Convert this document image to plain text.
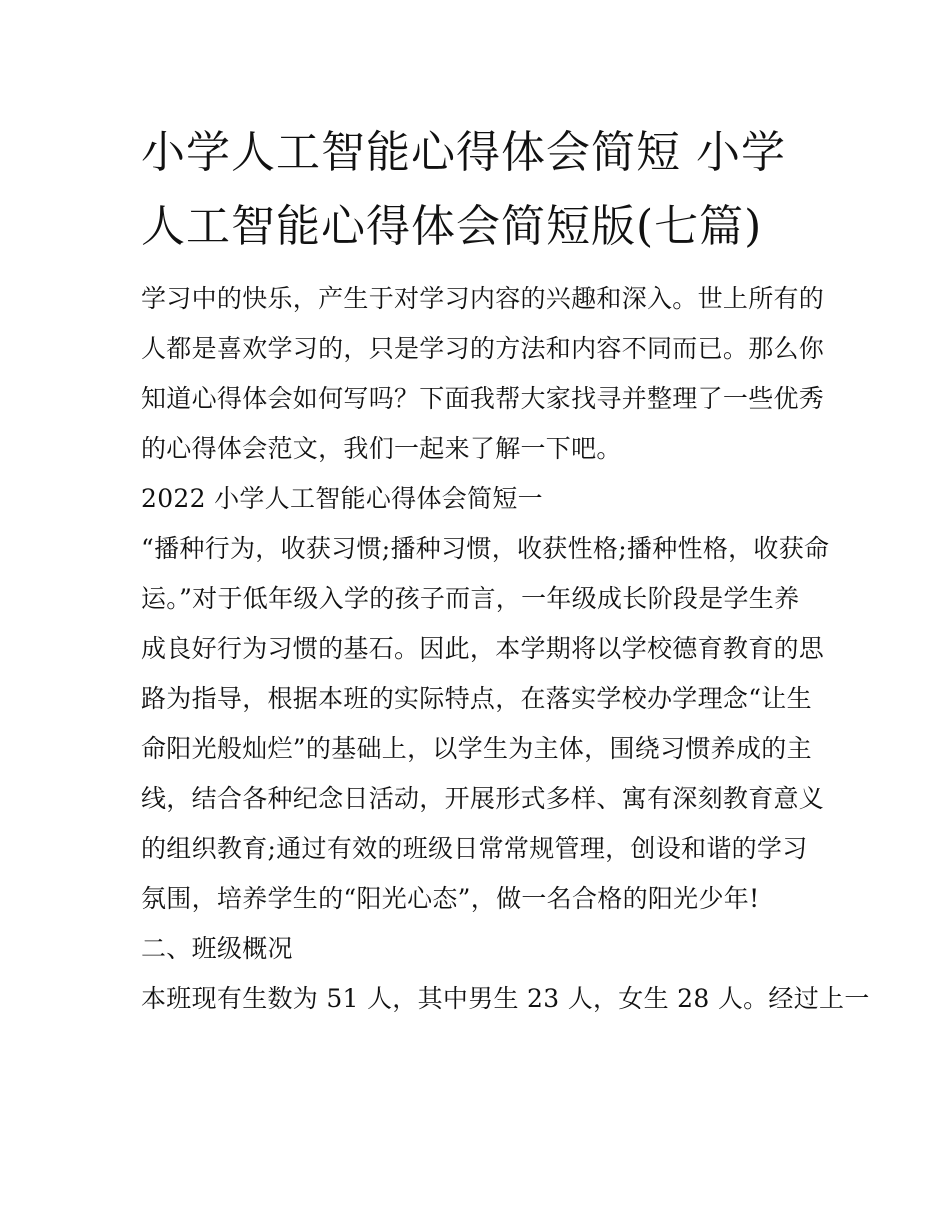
小学人工智能心得体会简短 小学人工智能心得体会简短版(七篇)

学习中的快乐，产生于对学习内容的兴趣和深入。世上所有的

人都是喜欢学习的，只是学习的方法和内容不同而已。那么你

知道心得体会如何写吗？下面我帮大家找寻并整理了一些优秀

的心得体会范文，我们一起来了解一下吧。

2022 小学人工智能心得体会简短一

“播种行为，收获习惯;播种习惯，收获性格;播种性格，收获命

运。”对于低年级入学的孩子而言，一年级成长阶段是学生养

成良好行为习惯的基石。因此，本学期将以学校德育教育的思

路为指导，根据本班的实际特点，在落实学校办学理念“让生

命阳光般灿烂”的基础上，以学生为主体，围绕习惯养成的主

线，结合各种纪念日活动，开展形式多样、寓有深刻教育意义

的组织教育;通过有效的班级日常常规管理，创设和谐的学习

氛围，培养学生的“阳光心态”，做一名合格的阳光少年!

二、班级概况

本班现有生数为 51 人，其中男生 23 人，女生 28 人。经过上一
